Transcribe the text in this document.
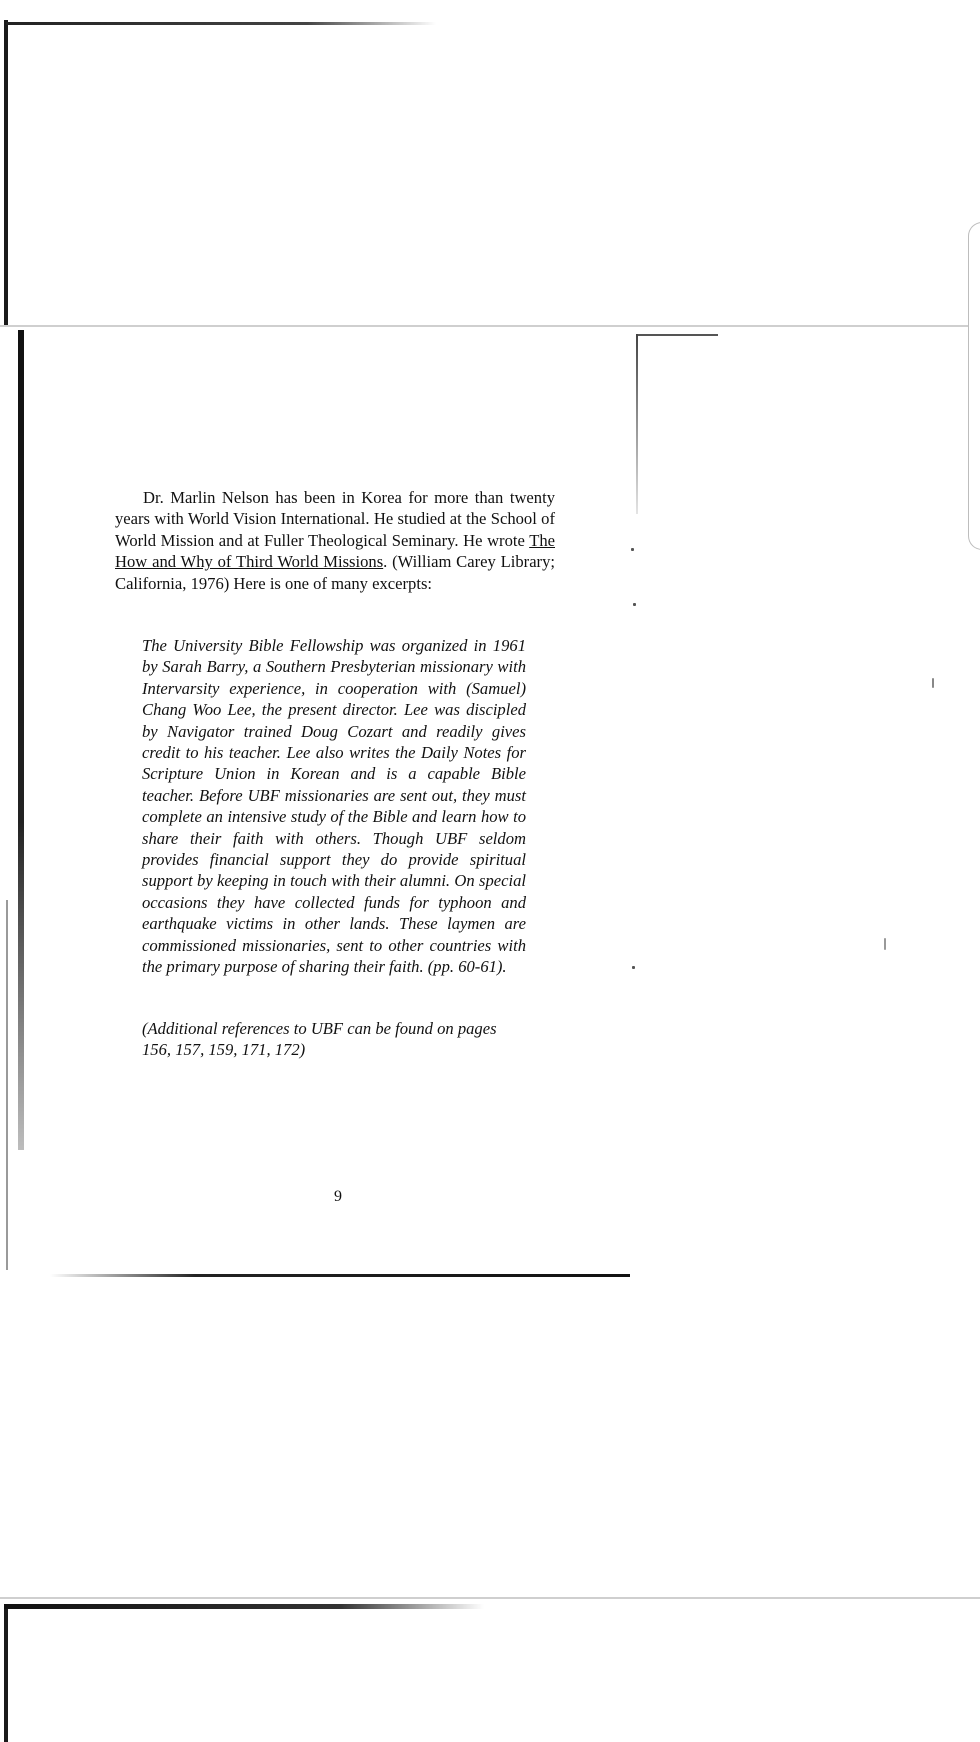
Dr. Marlin Nelson has been in Korea for more than twenty years with World Vision International. He studied at the School of World Mission and at Fuller Theological Seminary. He wrote The How and Why of Third World Missions. (William Carey Library; California, 1976) Here is one of many excerpts:

The University Bible Fellowship was organized in 1961 by Sarah Barry, a Southern Presbyterian missionary with Intervarsity experience, in cooperation with (Samuel) Chang Woo Lee, the present director. Lee was discipled by Navigator trained Doug Cozart and readily gives credit to his teacher. Lee also writes the Daily Notes for Scripture Union in Korean and is a capable Bible teacher. Before UBF missionaries are sent out, they must complete an intensive study of the Bible and learn how to share their faith with others. Though UBF seldom provides financial support they do provide spiritual support by keeping in touch with their alumni. On special occasions they have collected funds for typhoon and earthquake victims in other lands. These laymen are commissioned missionaries, sent to other countries with the primary purpose of sharing their faith. (pp. 60-61).

(Additional references to UBF can be found on pages 156, 157, 159, 171, 172)

9
